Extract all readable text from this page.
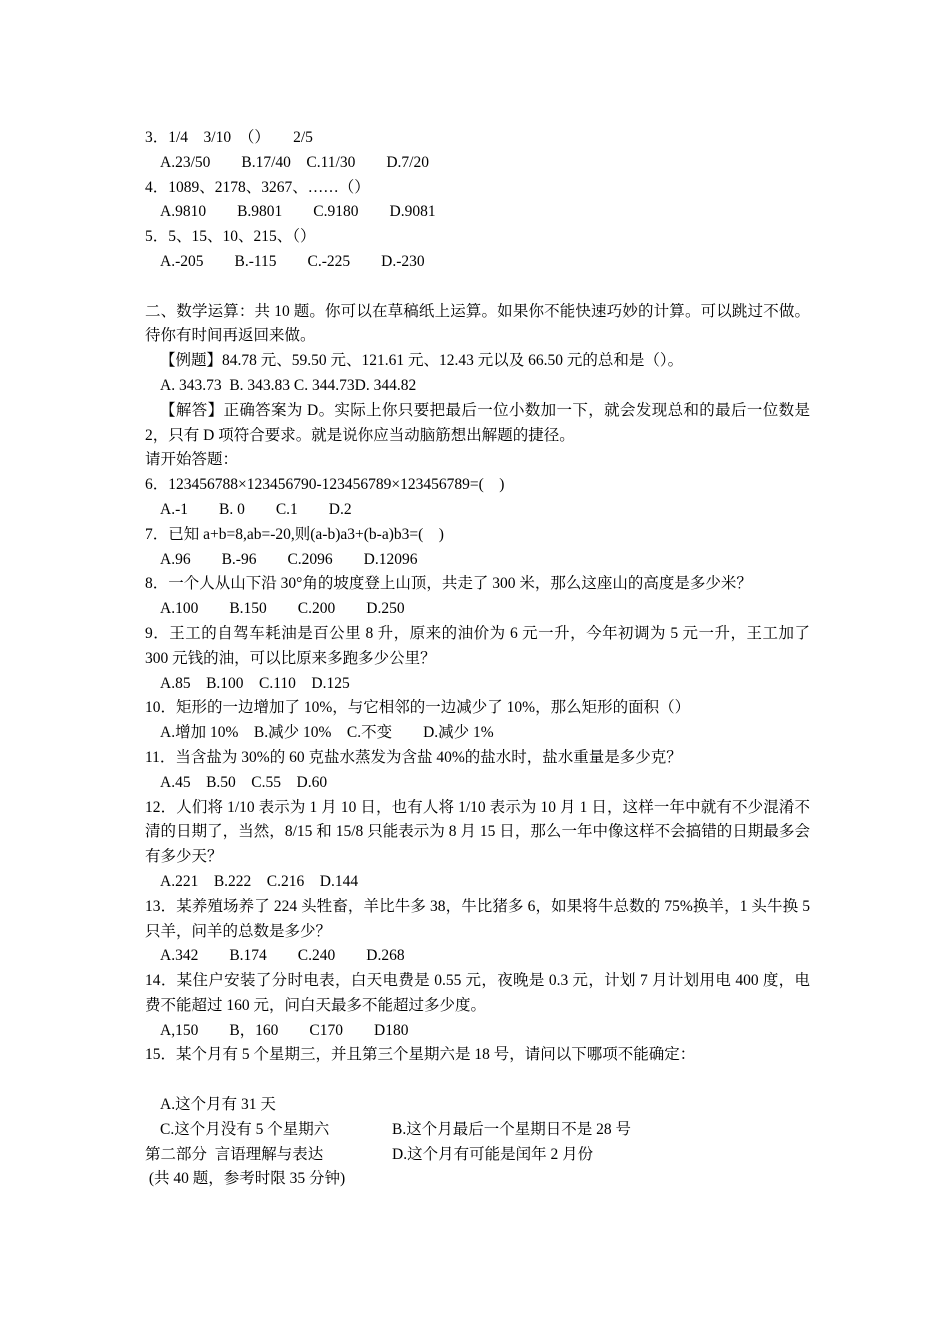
3．1/4　3/10　（）　　2/5
A.23/50　　B.17/40　C.11/30　　D.7/20
4．1089、2178、3267、……（）
A.9810　　B.9801　　C.9180　　D.9081
5．5、15、10、215、（）
A.-205　　B.-115　　C.-225　　D.-230
二、数学运算：共 10 题。你可以在草稿纸上运算。如果你不能快速巧妙的计算。可以跳过不做。待你有时间再返回来做。
【例题】84.78 元、59.50 元、121.61 元、12.43 元以及 66.50 元的总和是（）。
A. 343.73  B. 343.83 C. 344.73D. 344.82
【解答】正确答案为 D。实际上你只要把最后一位小数加一下，就会发现总和的最后一位数是 2，只有 D 项符合要求。就是说你应当动脑筋想出解题的捷径。
请开始答题：
6．123456788×123456790-123456789×123456789=(　)
A.-1　　B. 0　　C.1　　D.2
7．已知 a+b=8,ab=-20,则(a-b)a3+(b-a)b3=(　)
A.96　　B.-96　　C.2096　　D.12096
8．一个人从山下沿 30°角的坡度登上山顶，共走了 300 米，那么这座山的高度是多少米？
A.100　　B.150　　C.200　　D.250
9．王工的自驾车耗油是百公里 8 升，原来的油价为 6 元一升，今年初调为 5 元一升，王工加了 300 元钱的油，可以比原来多跑多少公里？
A.85　B.100　C.110　D.125
10．矩形的一边增加了 10%，与它相邻的一边减少了 10%，那么矩形的面积（）
A.增加 10%　B.减少 10%　C.不变　　D.减少 1%
11．当含盐为 30%的 60 克盐水蒸发为含盐 40%的盐水时，盐水重量是多少克？
A.45　B.50　C.55　D.60
12．人们将 1/10 表示为 1 月 10 日，也有人将 1/10 表示为 10 月 1 日，这样一年中就有不少混淆不清的日期了，当然，8/15 和 15/8 只能表示为 8 月 15 日，那么一年中像这样不会搞错的日期最多会有多少天？
A.221　B.222　C.216　D.144
13．某养殖场养了 224 头牲畜，羊比牛多 38，牛比猪多 6，如果将牛总数的 75%换羊，1 头牛换 5 只羊，问羊的总数是多少？
A.342　　B.174　　C.240　　D.268
14．某住户安装了分时电表，白天电费是 0.55 元，夜晚是 0.3 元，计划 7 月计划用电 400 度，电费不能超过 160 元，问白天最多不能超过多少度。
A,150　　B，160　　C170　　D180
15．某个月有 5 个星期三，并且第三个星期六是 18 号，请问以下哪项不能确定：

A.这个月有 31 天

B.这个月最后一个星期日不是 28 号

C.这个月没有 5 个星期六

D.这个月有可能是闰年 2 月份

第二部分  言语理解与表达
(共 40 题，参考时限 35 分钟)
